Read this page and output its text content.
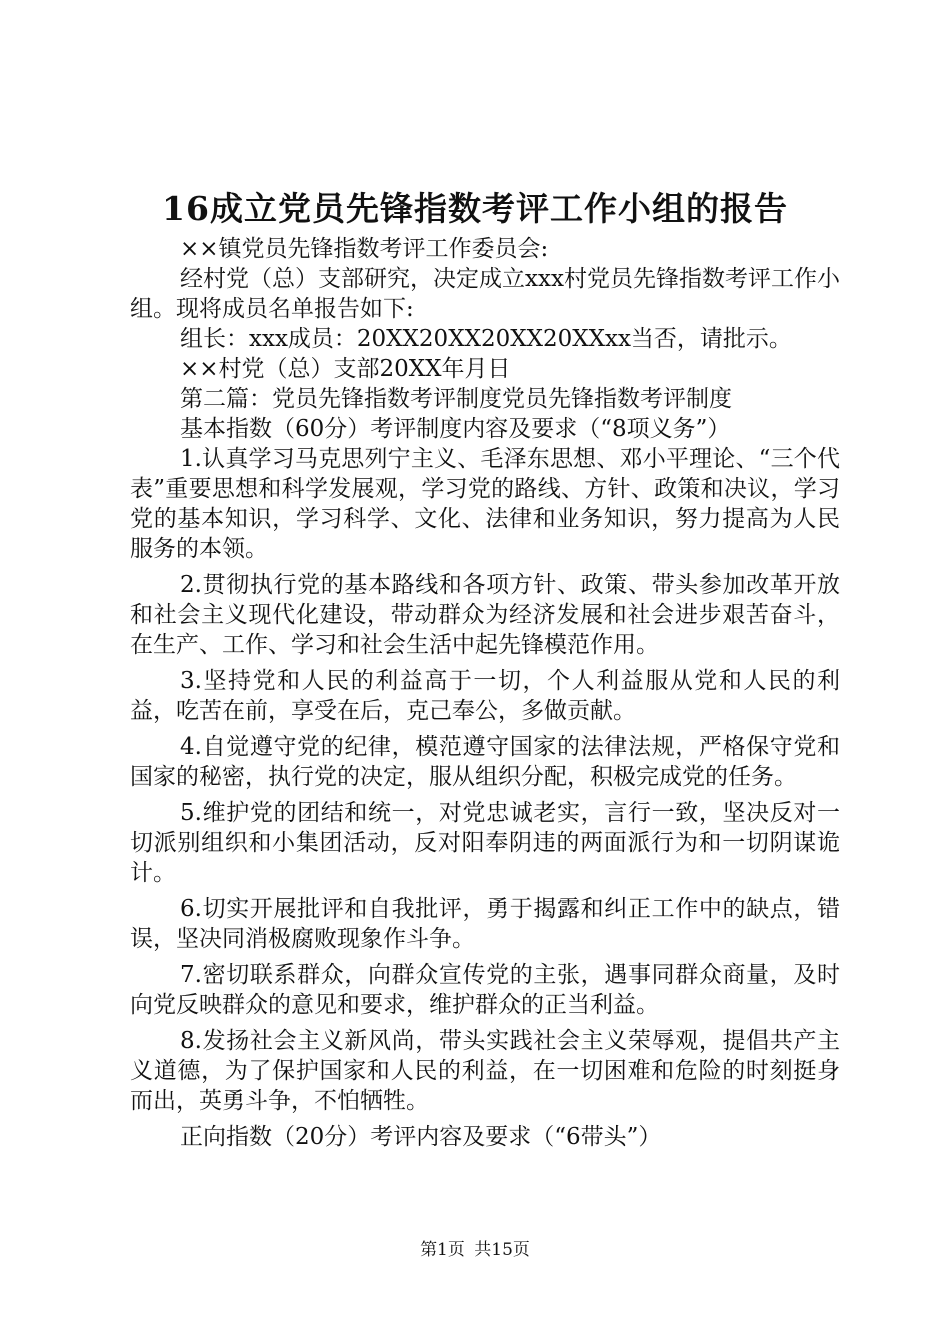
16成立党员先锋指数考评工作小组的报告

××镇党员先锋指数考评工作委员会:

经村党（总）支部研究，决定成立xxx村党员先锋指数考评工作小组。现将成员名单报告如下:

组长：xxx成员：20XX20XX20XX20XXxx当否，请批示。

××村党（总）支部20XX年月日

第二篇：党员先锋指数考评制度党员先锋指数考评制度

基本指数（60分）考评制度内容及要求（“8项义务”）

1.认真学习马克思列宁主义、毛泽东思想、邓小平理论、“三个代表”重要思想和科学发展观，学习党的路线、方针、政策和决议，学习党的基本知识，学习科学、文化、法律和业务知识，努力提高为人民服务的本领。

2.贯彻执行党的基本路线和各项方针、政策、带头参加改革开放和社会主义现代化建设，带动群众为经济发展和社会进步艰苦奋斗，在生产、工作、学习和社会生活中起先锋模范作用。

3.坚持党和人民的利益高于一切，个人利益服从党和人民的利益，吃苦在前，享受在后，克己奉公，多做贡献。

4.自觉遵守党的纪律，模范遵守国家的法律法规，严格保守党和国家的秘密，执行党的决定，服从组织分配，积极完成党的任务。

5.维护党的团结和统一，对党忠诚老实，言行一致，坚决反对一切派别组织和小集团活动，反对阳奉阴违的两面派行为和一切阴谋诡计。

6.切实开展批评和自我批评，勇于揭露和纠正工作中的缺点，错误，坚决同消极腐败现象作斗争。

7.密切联系群众，向群众宣传党的主张，遇事同群众商量，及时向党反映群众的意见和要求，维护群众的正当利益。

8.发扬社会主义新风尚，带头实践社会主义荣辱观，提倡共产主义道德，为了保护国家和人民的利益，在一切困难和危险的时刻挺身而出，英勇斗争，不怕牺牲。

正向指数（20分）考评内容及要求（“6带头”）

第1页 共15页
